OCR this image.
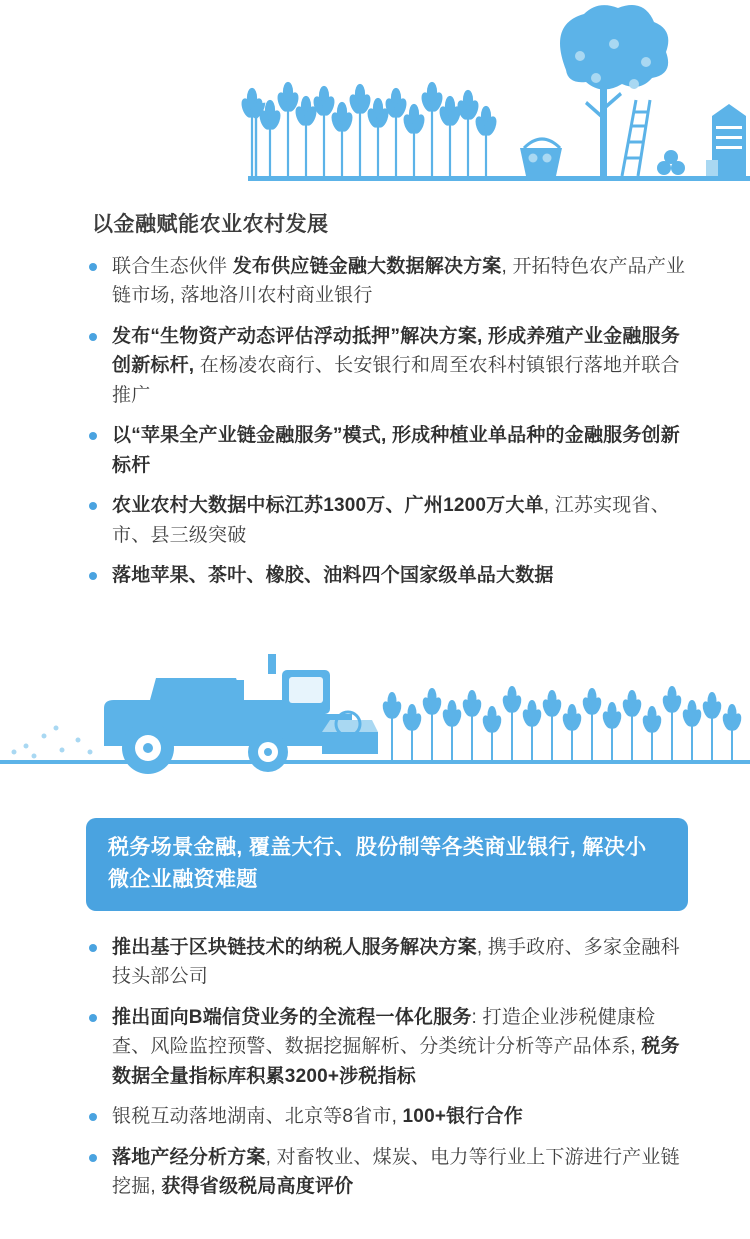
以金融赋能农业农村发展
联合生态伙伴 发布供应链金融大数据解决方案, 开拓特色农产品产业链市场, 落地洛川农村商业银行
发布“生物资产动态评估浮动抵押”解决方案, 形成养殖产业金融服务创新标杆, 在杨凌农商行、长安银行和周至农科村镇银行落地并联合推广
以“苹果全产业链金融服务”模式, 形成种植业单品种的金融服务创新标杆
农业农村大数据中标江苏1300万、广州1200万大单, 江苏实现省、市、县三级突破
落地苹果、茶叶、橡胶、油料四个国家级单品大数据
税务场景金融, 覆盖大行、股份制等各类商业银行, 解决小微企业融资难题
推出基于区块链技术的纳税人服务解决方案, 携手政府、多家金融科技头部公司
推出面向B端信贷业务的全流程一体化服务: 打造企业涉税健康检查、风险监控预警、数据挖掘解析、分类统计分析等产品体系, 税务数据全量指标库积累3200+涉税指标
银税互动落地湖南、北京等8省市, 100+银行合作
落地产经分析方案, 对畜牧业、煤炭、电力等行业上下游进行产业链挖掘, 获得省级税局高度评价
